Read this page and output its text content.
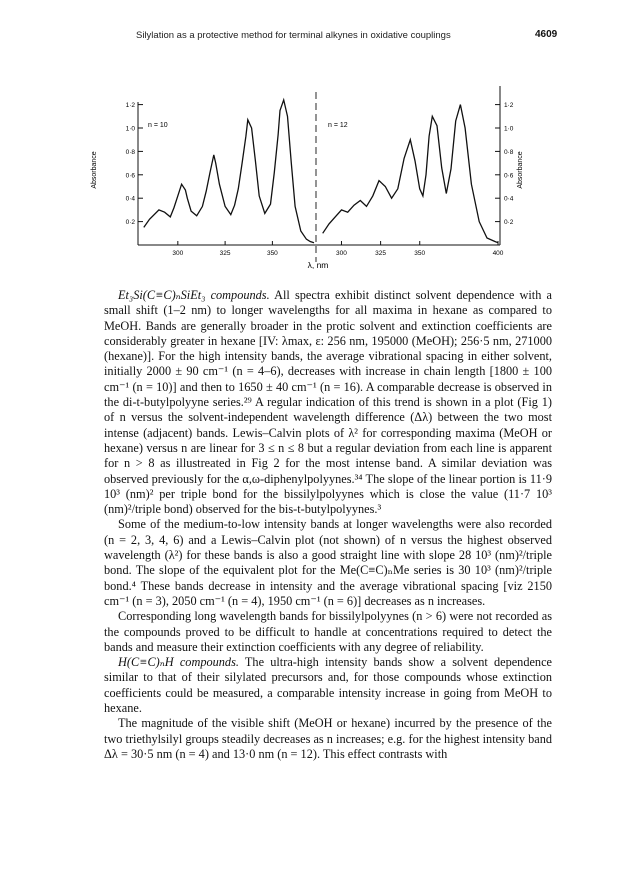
Silylation as a protective method for terminal alkynes in oxidative couplings	4609
n = 10
Absorbance
1·2
1·0
0·8
0·6
0·4
0·2
300	325	350
n = 12
Absorbance
1·2
1·0
0·8
0·6
0·4
0·2
300	325	350	400
λ, nm

Et₃Si(C≡C)ₙSiEt₃ compounds. All spectra exhibit distinct solvent dependence with a small shift (1–2 nm) to longer wavelengths for all maxima in hexane as compared to MeOH. Bands are generally broader in the protic solvent and extinction coefficients are considerably greater in hexane [IV: λmax, ε: 256 nm, 195000 (MeOH); 256·5 nm, 271000 (hexane)]. For the high intensity bands, the average vibrational spacing in either solvent, initially 2000 ± 90 cm⁻¹ (n = 4–6), decreases with increase in chain length [1800 ± 100 cm⁻¹ (n = 10)] and then to 1650 ± 40 cm⁻¹ (n = 16). A comparable decrease is observed in the di-t-butylpolyyne series.²⁹ A regular indication of this trend is shown in a plot (Fig 1) of n versus the solvent-independent wavelength difference (Δλ) between the two most intense (adjacent) bands. Lewis–Calvin plots of λ² for corresponding maxima (MeOH or hexane) versus n are linear for 3 ≤ n ≤ 8 but a regular deviation from each line is apparent for n > 8 as illustreated in Fig 2 for the most intense band. A similar deviation was observed previously for the α,ω-diphenylpolyynes.³⁴ The slope of the linear portion is 11·9 10³ (nm)² per triple bond for the bissilylpolyynes which is close the value (11·7 10³ (nm)²/triple bond) observed for the bis-t-butylpolyynes.³

Some of the medium-to-low intensity bands at longer wavelengths were also recorded (n = 2, 3, 4, 6) and a Lewis–Calvin plot (not shown) of n versus the highest observed wavelength (λ²) for these bands is also a good straight line with slope 28 10³ (nm)²/triple bond. The slope of the equivalent plot for the Me(C≡C)ₙMe series is 30 10³ (nm)²/triple bond.⁴ These bands decrease in intensity and the average vibrational spacing [viz 2150 cm⁻¹ (n = 3), 2050 cm⁻¹ (n = 4), 1950 cm⁻¹ (n = 6)] decreases as n increases.

Corresponding long wavelength bands for bissilylpolyynes (n > 6) were not recorded as the compounds proved to be difficult to handle at concentrations required to detect the bands and measure their extinction coefficients with any degree of reliability.

H(C≡C)ₙH compounds. The ultra-high intensity bands show a solvent dependence similar to that of their silylated precursors and, for those compounds whose extinction coefficients could be measured, a comparable intensity increase in going from MeOH to hexane.

The magnitude of the visible shift (MeOH or hexane) incurred by the presence of the two triethylsilyl groups steadily decreases as n increases; e.g. for the highest intensity band Δλ = 30·5 nm (n = 4) and 13·0 nm (n = 12). This effect contrasts with
